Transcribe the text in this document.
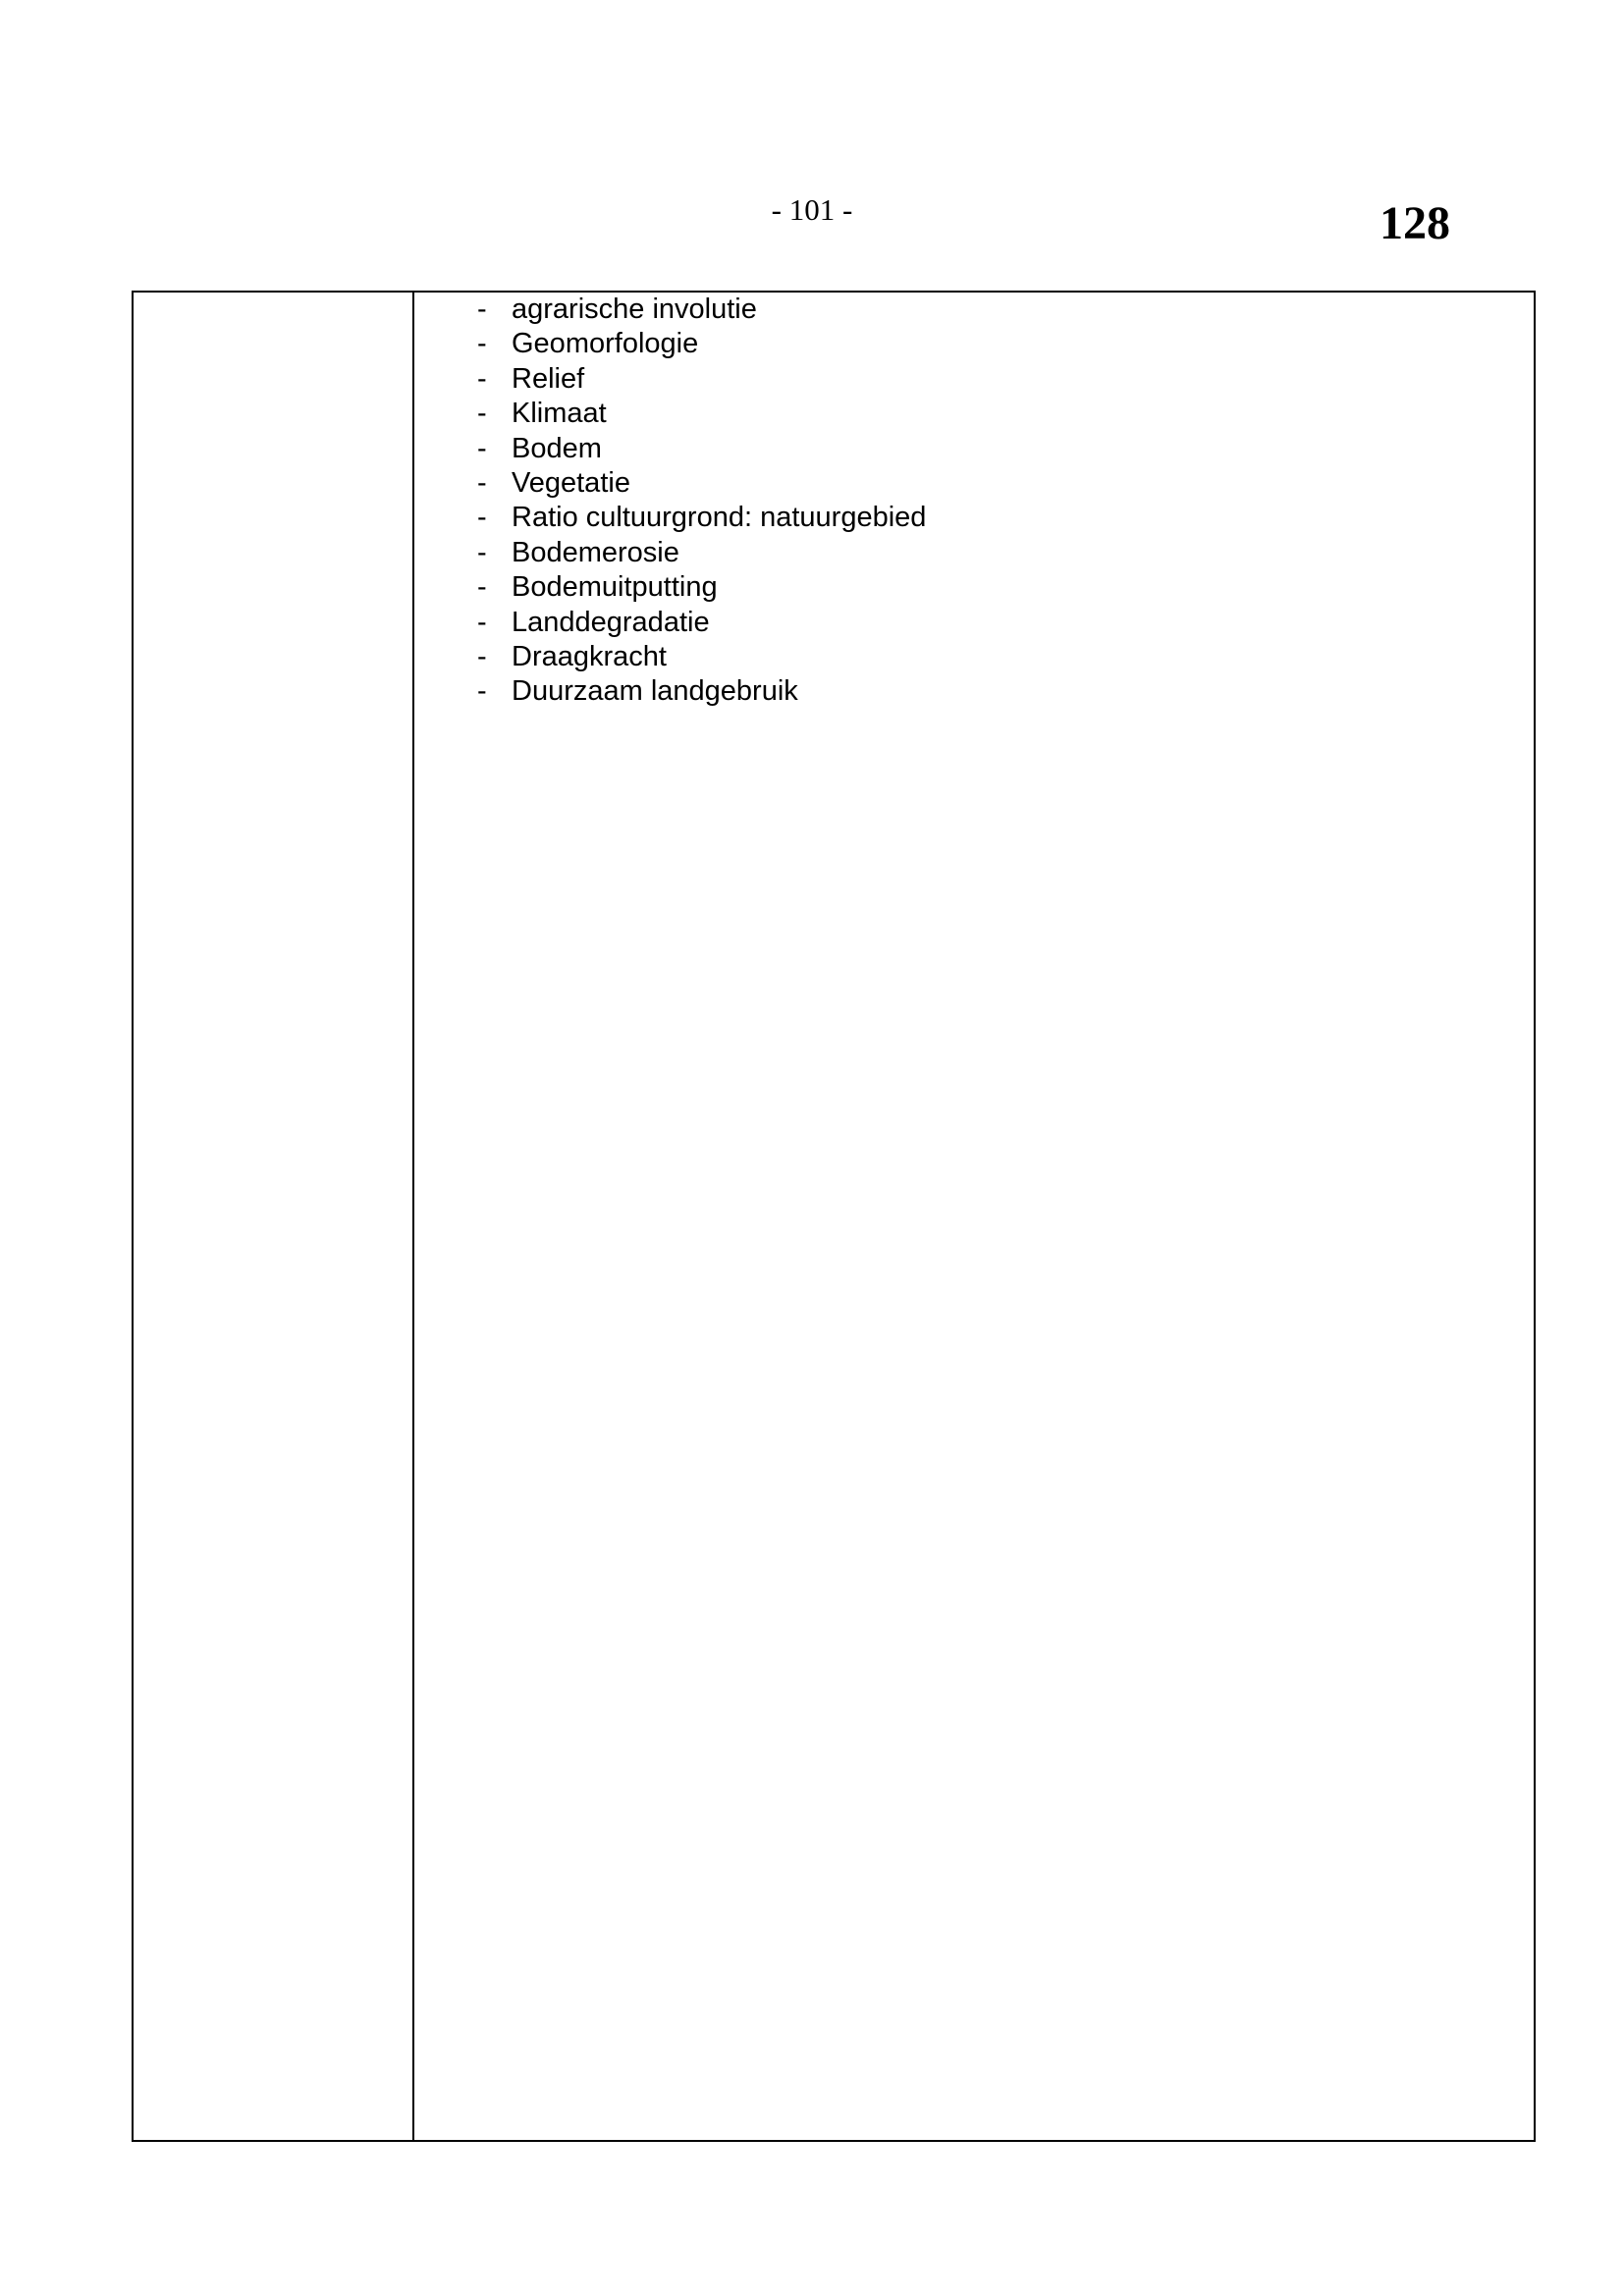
- 101 -	128
- agrarische involutie
- Geomorfologie
- Relief
- Klimaat
- Bodem
- Vegetatie
- Ratio cultuurgrond: natuurgebied
- Bodemerosie
- Bodemuitputting
- Landdegradatie
- Draagkracht
- Duurzaam landgebruik
